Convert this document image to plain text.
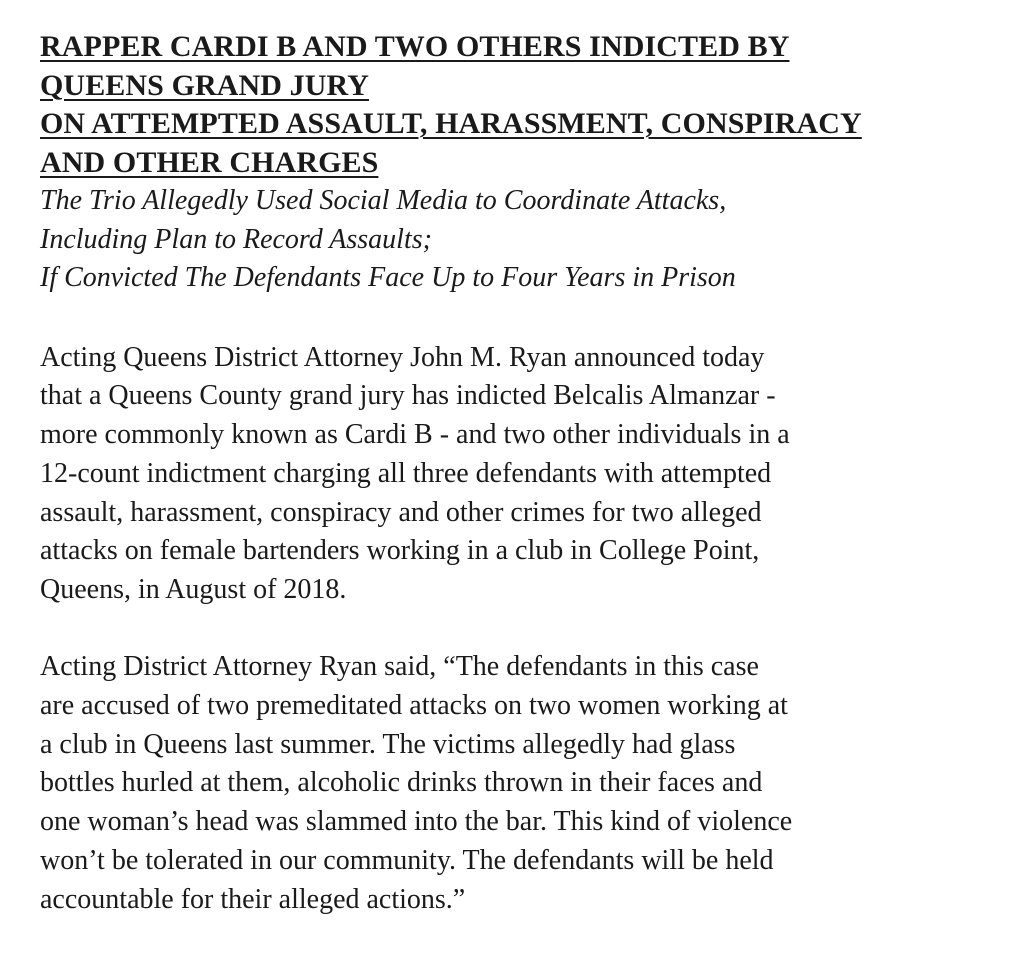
RAPPER CARDI B AND TWO OTHERS INDICTED BY
QUEENS GRAND JURY
ON ATTEMPTED ASSAULT, HARASSMENT, CONSPIRACY
AND OTHER CHARGES

The Trio Allegedly Used Social Media to Coordinate Attacks,
Including Plan to Record Assaults;
If Convicted The Defendants Face Up to Four Years in Prison

Acting Queens District Attorney John M. Ryan announced today
that a Queens County grand jury has indicted Belcalis Almanzar -
more commonly known as Cardi B - and two other individuals in a
12-count indictment charging all three defendants with attempted
assault, harassment, conspiracy and other crimes for two alleged
attacks on female bartenders working in a club in College Point,
Queens, in August of 2018.

Acting District Attorney Ryan said, “The defendants in this case
are accused of two premeditated attacks on two women working at
a club in Queens last summer. The victims allegedly had glass
bottles hurled at them, alcoholic drinks thrown in their faces and
one woman’s head was slammed into the bar. This kind of violence
won’t be tolerated in our community. The defendants will be held
accountable for their alleged actions.”
